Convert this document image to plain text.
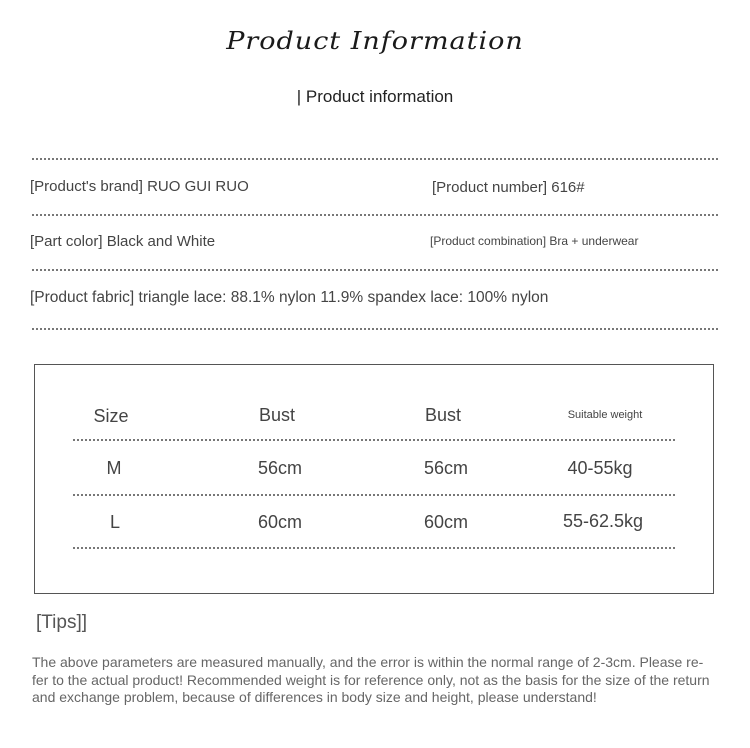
Product Information
| Product information
[Product's brand] RUO GUI RUO	[Product number] 616#
[Part color] Black and White	[Product combination] Bra + underwear
[Product fabric] triangle lace: 88.1% nylon 11.9% spandex lace: 100% nylon
Size	Bust	Bust	Suitable weight
M	56cm	56cm	40-55kg
L	60cm	60cm	55-62.5kg
[Tips]]
The above parameters are measured manually, and the error is within the normal range of 2-3cm. Please re-
fer to the actual product! Recommended weight is for reference only, not as the basis for the size of the return
and exchange problem, because of differences in body size and height, please understand!
